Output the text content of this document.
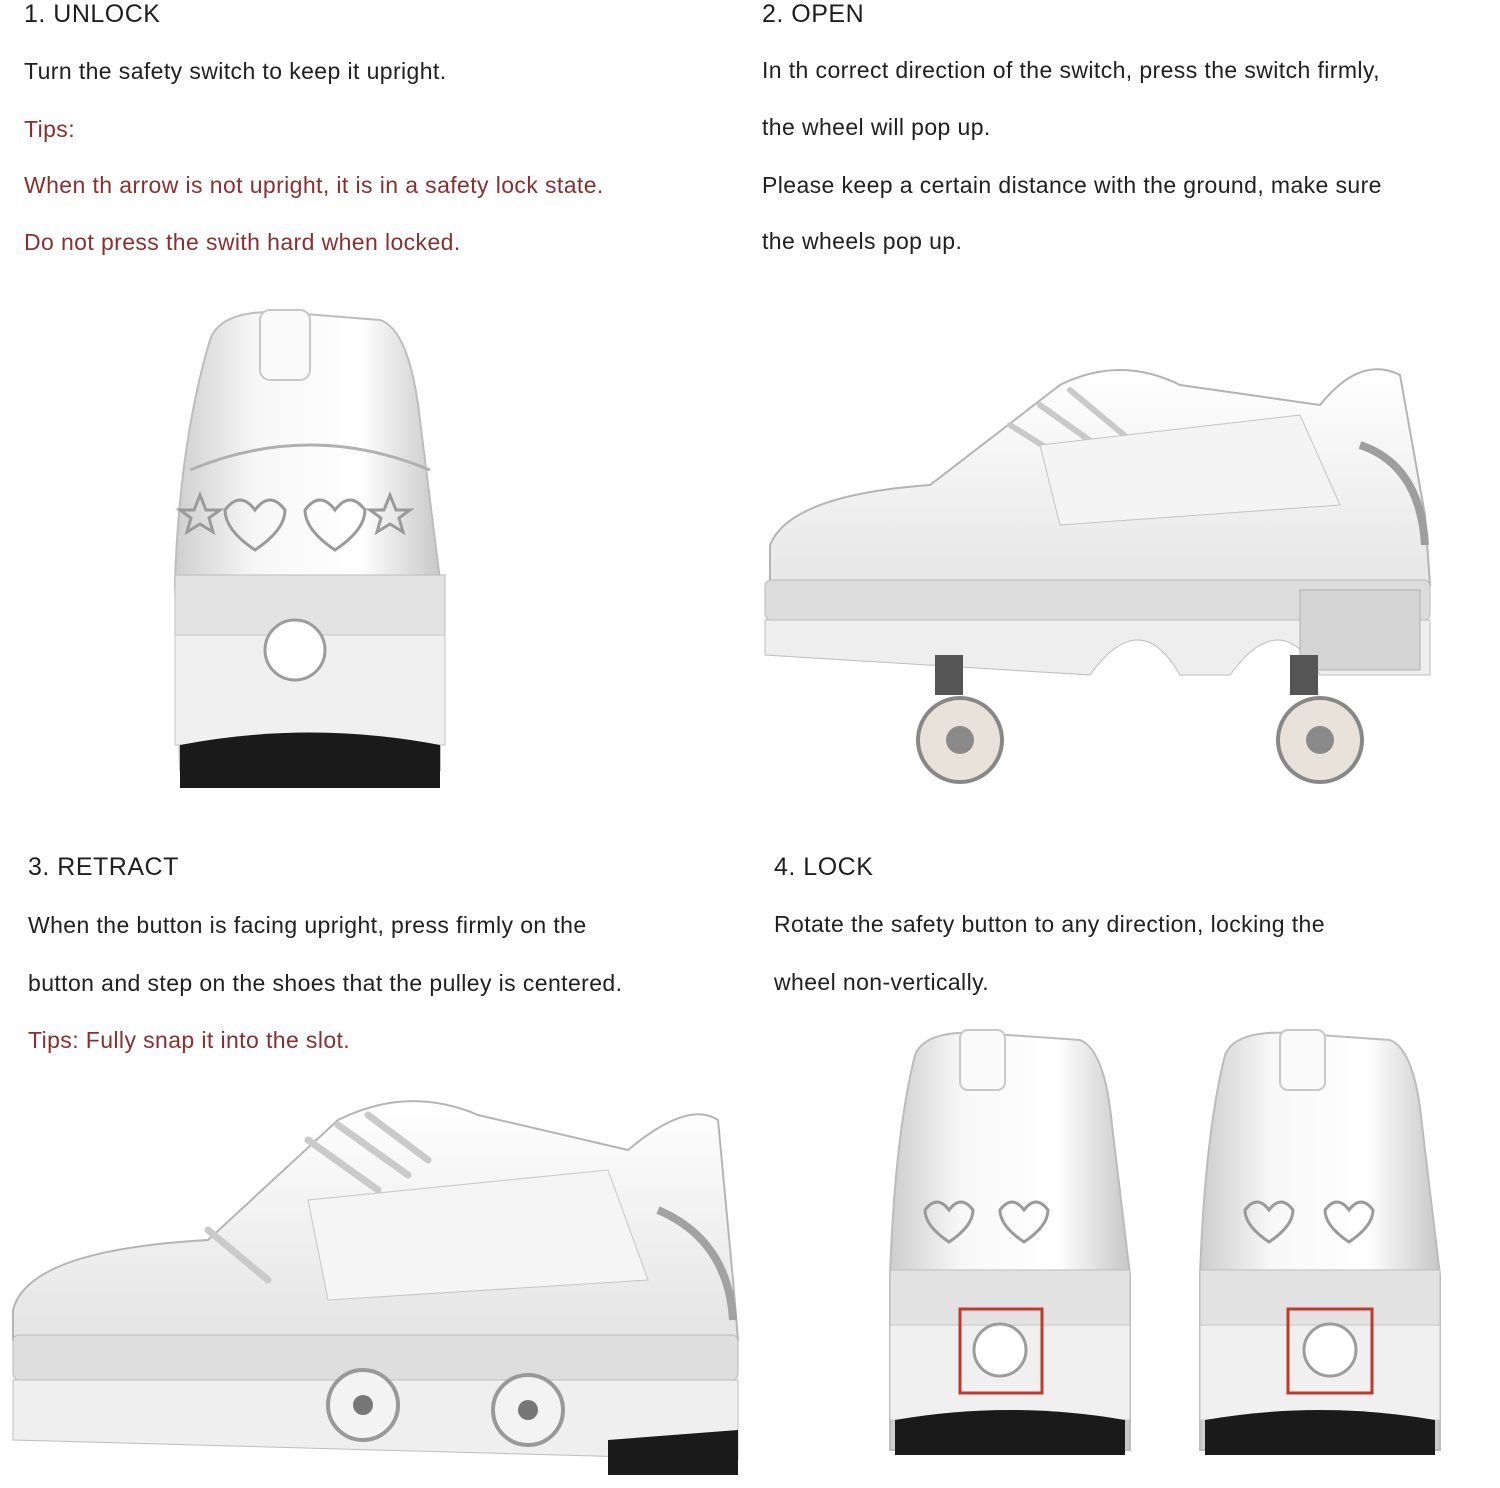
1. UNLOCK
Turn the safety switch to keep it upright.
Tips:
When th arrow is not upright, it is in a safety lock state.
Do not press the swith hard when locked.
2. OPEN
In th correct direction of the switch, press the switch firmly,
the wheel will pop up.
Please keep a certain distance with the ground, make sure
the wheels pop up.
3. RETRACT
When the button is facing upright, press firmly on the
button and step on the shoes that the pulley is centered.
Tips: Fully snap it into the slot.
4. LOCK
Rotate the safety button to any direction, locking the
wheel non-vertically.
